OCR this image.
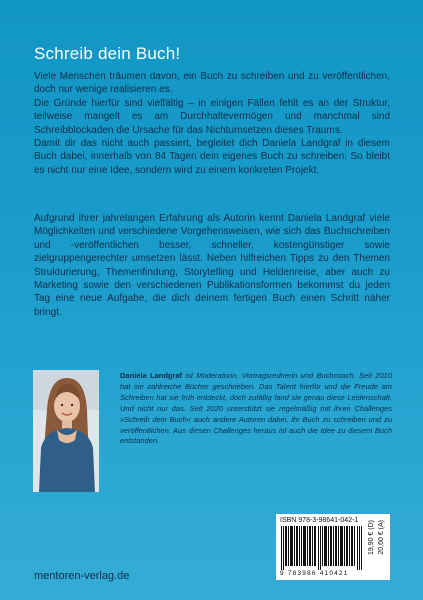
Schreib dein Buch!

Viele Menschen träumen davon, ein Buch zu schreiben und zu veröffentlichen, doch nur wenige realisieren es.

Die Gründe hierfür sind vielfältig – in einigen Fällen fehlt es an der Struktur, teilweise mangelt es am Durchhaltevermögen und manchmal sind Schreibblockaden die Ursache für das Nichtumsetzen dieses Traums.

Damit dir das nicht auch passiert, begleitet dich Daniela Landgraf in diesem Buch dabei, innerhalb von 84 Tagen dein eigenes Buch zu schreiben. So bleibt es nicht nur eine Idee, sondern wird zu einem konkreten Projekt.

Aufgrund ihrer jahrelangen Erfahrung als Autorin kennt Daniela Landgraf viele Möglichkeiten und verschiedene Vorgehensweisen, wie sich das Buchschreiben und -veröffentlichen besser, schneller, kostengünstiger sowie zielgruppengerechter umsetzen lässt. Neben hilfreichen Tipps zu den Themen Strukturierung, Themenfindung, Storytelling und Heldenreise, aber auch zu Marketing sowie den verschiedenen Publikationsformen bekommst du jeden Tag eine neue Aufgabe, die dich deinem fertigen Buch einen Schritt näher bringt.

Daniela Landgraf ist Moderatorin, Vortragsrednerin und Buchcoach. Seit 2010 hat sie zahlreiche Bücher geschrieben. Das Talent hierfür und die Freude am Schreiben hat sie früh entdeckt, doch zufällig fand sie genau diese Leidenschaft. Und nicht nur das. Seit 2020 unterstützt sie regelmäßig mit ihren Challenges »Schreib dein Buch« auch andere Autoren dabei, ihr Buch zu schreiben und zu veröffentlichen. Aus diesen Challenges heraus ist auch die Idee zu diesem Buch entstanden.

ISBN 978-3-98641-042-1
9 783986 410421
19,90 € (D) 20,60 € (A)

mentoren-verlag.de
